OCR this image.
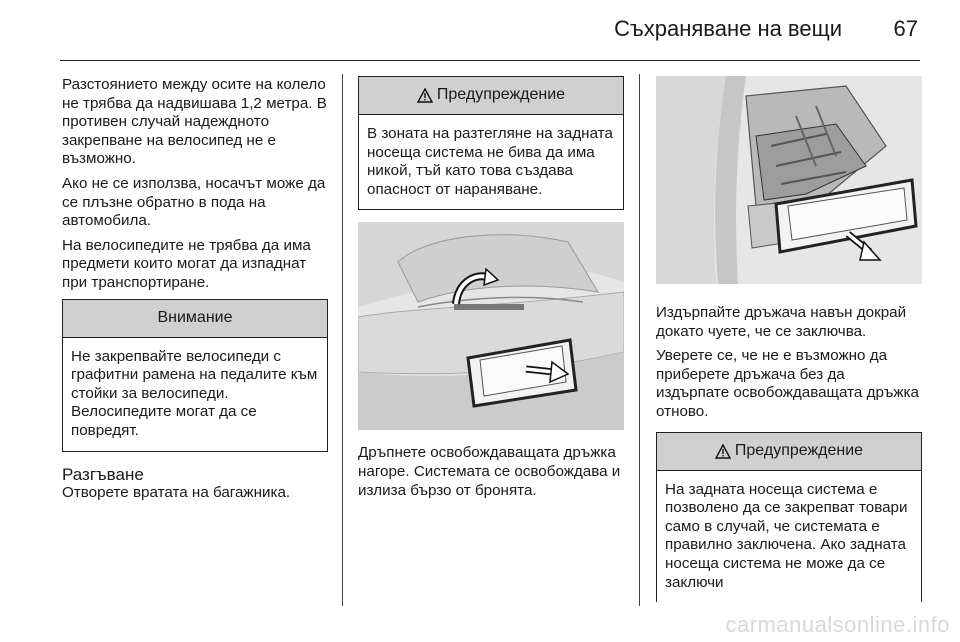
Съхраняване на вещи 67

Разстоянието между осите на колело не трябва да надвишава 1,2 метра. В противен случай надеждното закрепване на велосипед не е възможно.

Ако не се използва, носачът може да се плъзне обратно в пода на автомобила.

На велосипедите не трябва да има предмети които могат да изпаднат при транспортиране.

Внимание
Не закрепвайте велосипеди с графитни рамена на педалите към стойки за велосипеди. Велосипедите могат да се повредят.
Разгъване

Отворете вратата на багажника.

Предупреждение
В зоната на разтегляне на задната носеща система не бива да има никой, тъй като това създава опасност от нараняване.

Дръпнете освобождаващата дръжка нагоре. Системата се освобождава и излиза бързо от бронята.

Издърпайте дръжача навън докрай докато чуете, че се заключва.

Уверете се, че не е възможно да приберете дръжача без да издърпате освобождаващата дръжка отново.

Предупреждение
На задната носеща система е позволено да се закрепват товари само в случай, че системата е правилно заключена. Ако задната носеща система не може да се заключи
carmanualsonline.info
